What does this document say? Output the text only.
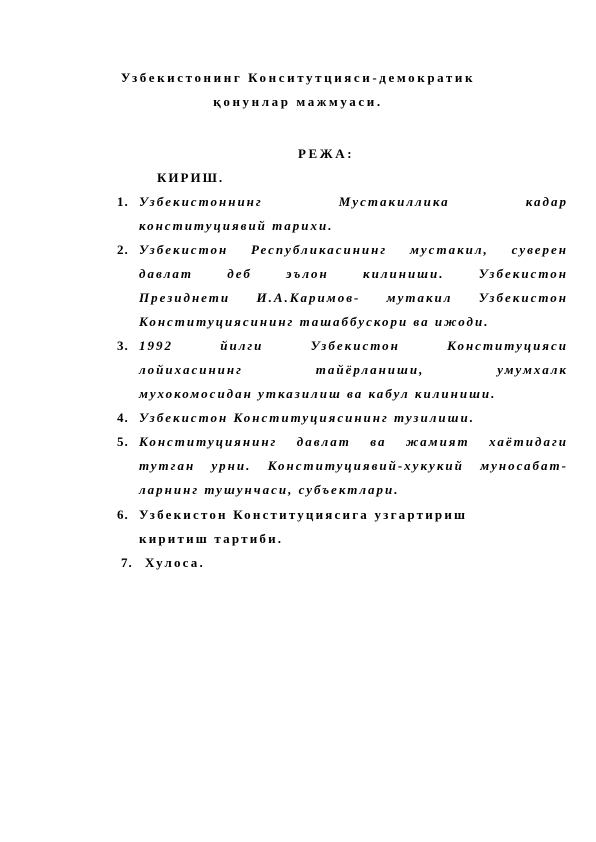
Узбекистонинг Конситутцияси-демократик
қонунлар мажмуаси.
РЕЖА:
КИРИШ.
1. Узбекистоннинг Мустакиллика кадар
конституциявий тарихи.
2. Узбекистон Республикасининг мустакил, суверен
давлат деб эълон килиниши. Узбекистон
Президнети И.А.Каримов- мутакил Узбекистон
Конституциясининг ташаббускори ва ижоди.
3. 1992 йилги Узбекистон Конституцияси
лойихасининг тайёрланиши, умумхалк
мухокомосидан утказилиш ва кабул килиниши.
4. Узбекистон Конституциясининг тузилиши.
5. Конституциянинг давлат ва жамият хаётидаги
тутган урни. Конституциявий-хукукий муносабат-
ларнинг тушунчаси, субъектлари.
6. Узбекистон Конституциясига узгартириш
киритиш тартиби.
7. Хулоса.
